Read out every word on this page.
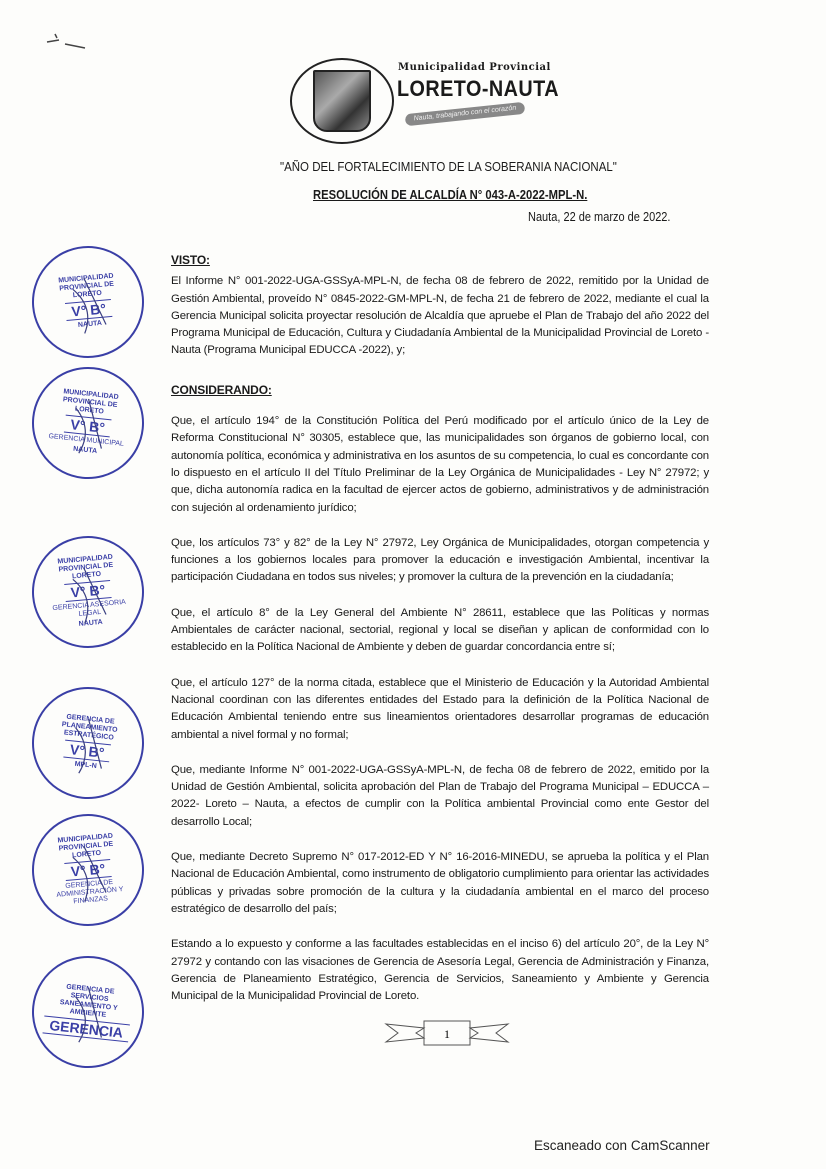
Municipalidad Provincial
LORETO-NAUTA
Nauta, trabajando con el corazón
"AÑO DEL FORTALECIMIENTO DE LA SOBERANIA NACIONAL"
RESOLUCIÓN DE ALCALDÍA N° 043-A-2022-MPL-N.
Nauta, 22 de marzo de 2022.
VISTO:

El Informe N° 001-2022-UGA-GSSyA-MPL-N, de fecha 08 de febrero de 2022, remitido por la Unidad de Gestión Ambiental, proveído N° 0845-2022-GM-MPL-N, de fecha 21 de febrero de 2022, mediante el cual la Gerencia Municipal solicita proyectar resolución de Alcaldía que apruebe el Plan de Trabajo del año 2022 del Programa Municipal de Educación, Cultura y Ciudadanía Ambiental de la Municipalidad Provincial de Loreto - Nauta (Programa Municipal EDUCCA -2022), y;

CONSIDERANDO:

Que, el artículo 194° de la Constitución Política del Perú modificado por el artículo único de la Ley de Reforma Constitucional N° 30305, establece que, las municipalidades son órganos de gobierno local, con autonomía política, económica y administrativa en los asuntos de su competencia, lo cual es concordante con lo dispuesto en el artículo II del Título Preliminar de la Ley Orgánica de Municipalidades - Ley N° 27972; y que, dicha autonomía radica en la facultad de ejercer actos de gobierno, administrativos y de administración con sujeción al ordenamiento jurídico;

Que, los artículos 73° y 82° de la Ley N° 27972, Ley Orgánica de Municipalidades, otorgan competencia y funciones a los gobiernos locales para promover la educación e investigación Ambiental, incentivar la participación Ciudadana en todos sus niveles; y promover la cultura de la prevención en la ciudadanía;

Que, el artículo 8° de la Ley General del Ambiente N° 28611, establece que las Políticas y normas Ambientales de carácter nacional, sectorial, regional y local se diseñan y aplican de conformidad con lo establecido en la Política Nacional de Ambiente y deben de guardar concordancia entre sí;

Que, el artículo 127° de la norma citada, establece que el Ministerio de Educación y la Autoridad Ambiental Nacional coordinan con las diferentes entidades del Estado para la definición de la Política Nacional de Educación Ambiental teniendo entre sus lineamientos orientadores desarrollar programas de educación ambiental a nivel formal y no formal;

Que, mediante Informe N° 001-2022-UGA-GSSyA-MPL-N, de fecha 08 de febrero de 2022, emitido por la Unidad de Gestión Ambiental, solicita aprobación del Plan de Trabajo del Programa Municipal – EDUCCA – 2022- Loreto – Nauta, a efectos de cumplir con la Política ambiental Provincial como ente Gestor del desarrollo Local;

Que, mediante Decreto Supremo N° 017-2012-ED Y N° 16-2016-MINEDU, se aprueba la política y el Plan Nacional de Educación Ambiental, como instrumento de obligatorio cumplimiento para orientar las actividades públicas y privadas sobre promoción de la cultura y la ciudadanía ambiental en el marco del proceso estratégico de desarrollo del país;

Estando a lo expuesto y conforme a las facultades establecidas en el inciso 6) del artículo 20°, de la Ley N° 27972 y contando con las visaciones de Gerencia de Asesoría Legal, Gerencia de Administración y Finanza, Gerencia de Planeamiento Estratégico, Gerencia de Servicios, Saneamiento y Ambiente y Gerencia Municipal de la Municipalidad Provincial de Loreto.

MUNICIPALIDAD PROVINCIAL DE LORETO
V° B°
NAUTA
MUNICIPALIDAD PROVINCIAL DE LORETO
V° B°
GERENCIA MUNICIPAL
NAUTA
MUNICIPALIDAD PROVINCIAL DE LORETO
V° B°
GERENCIA ASESORIA LEGAL
NAUTA
GERENCIA DE PLANEAMIENTO ESTRATÉGICO
V° B°
MPL-N
MUNICIPALIDAD PROVINCIAL DE LORETO
V° B°
GERENCIA DE ADMINISTRACIÓN Y FINANZAS
GERENCIA DE SERVICIOS SANEAMIENTO Y AMBIENTE
GERENCIA	1
Escaneado con CamScanner
